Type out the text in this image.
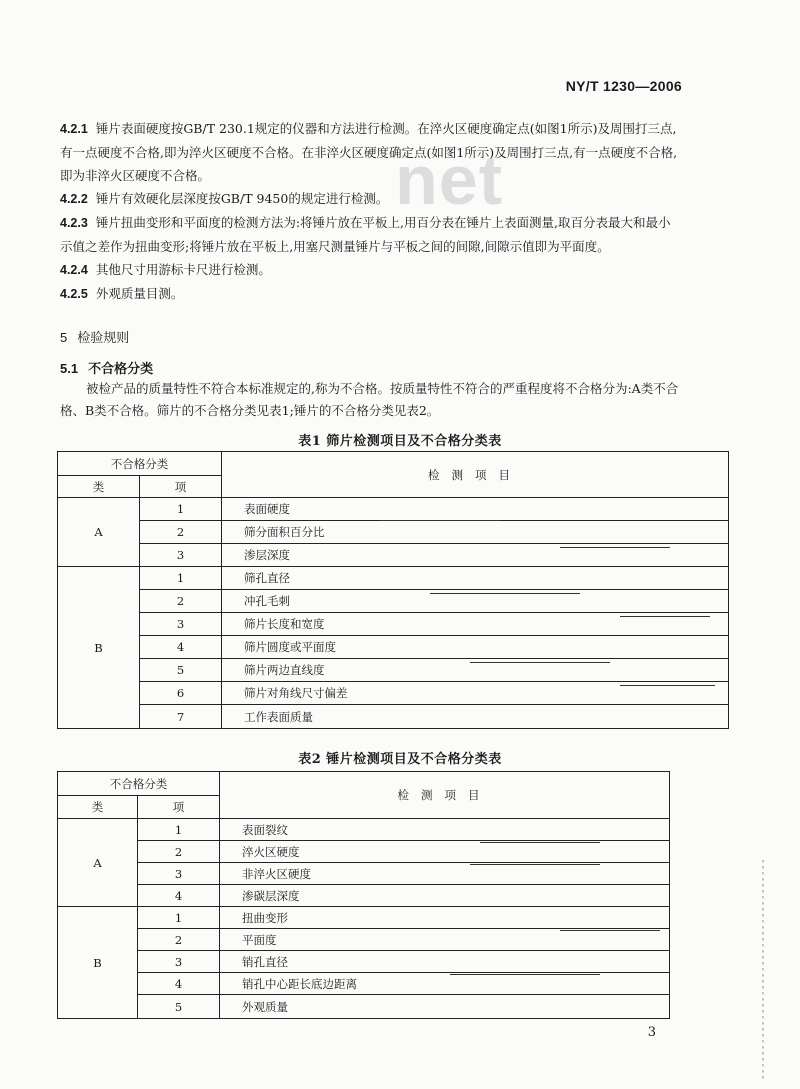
NY/T 1230—2006
net

4.2.1 锤片表面硬度按GB/T 230.1规定的仪器和方法进行检测。在淬火区硬度确定点(如图1所示)及周围打三点,有一点硬度不合格,即为淬火区硬度不合格。在非淬火区硬度确定点(如图1所示)及周围打三点,有一点硬度不合格,即为非淬火区硬度不合格。

4.2.2 锤片有效硬化层深度按GB/T 9450的规定进行检测。

4.2.3 锤片扭曲变形和平面度的检测方法为:将锤片放在平板上,用百分表在锤片上表面测量,取百分表最大和最小示值之差作为扭曲变形;将锤片放在平板上,用塞尺测量锤片与平板之间的间隙,间隙示值即为平面度。

4.2.4 其他尺寸用游标卡尺进行检测。

4.2.5 外观质量目测。

5 检验规则
5.1 不合格分类
被检产品的质量特性不符合本标准规定的,称为不合格。按质量特性不符合的严重程度将不合格分为:A类不合格、B类不合格。筛片的不合格分类见表1;锤片的不合格分类见表2。
表1 筛片检测项目及不合格分类表
不合格分类		检测项目
类	项	
A	1	表面硬度
	2	筛分面积百分比
	3	渗层深度
B	1	筛孔直径
	2	冲孔毛刺
	3	筛片长度和宽度
	4	筛片圆度或平面度
	5	筛片两边直线度
	6	筛片对角线尺寸偏差
	7	工作表面质量
表2 锤片检测项目及不合格分类表
不合格分类		检测项目
类	项	
A	1	表面裂纹
	2	淬火区硬度
	3	非淬火区硬度
	4	渗碳层深度
B	1	扭曲变形
	2	平面度
	3	销孔直径
	4	销孔中心距长底边距离
	5	外观质量
3
